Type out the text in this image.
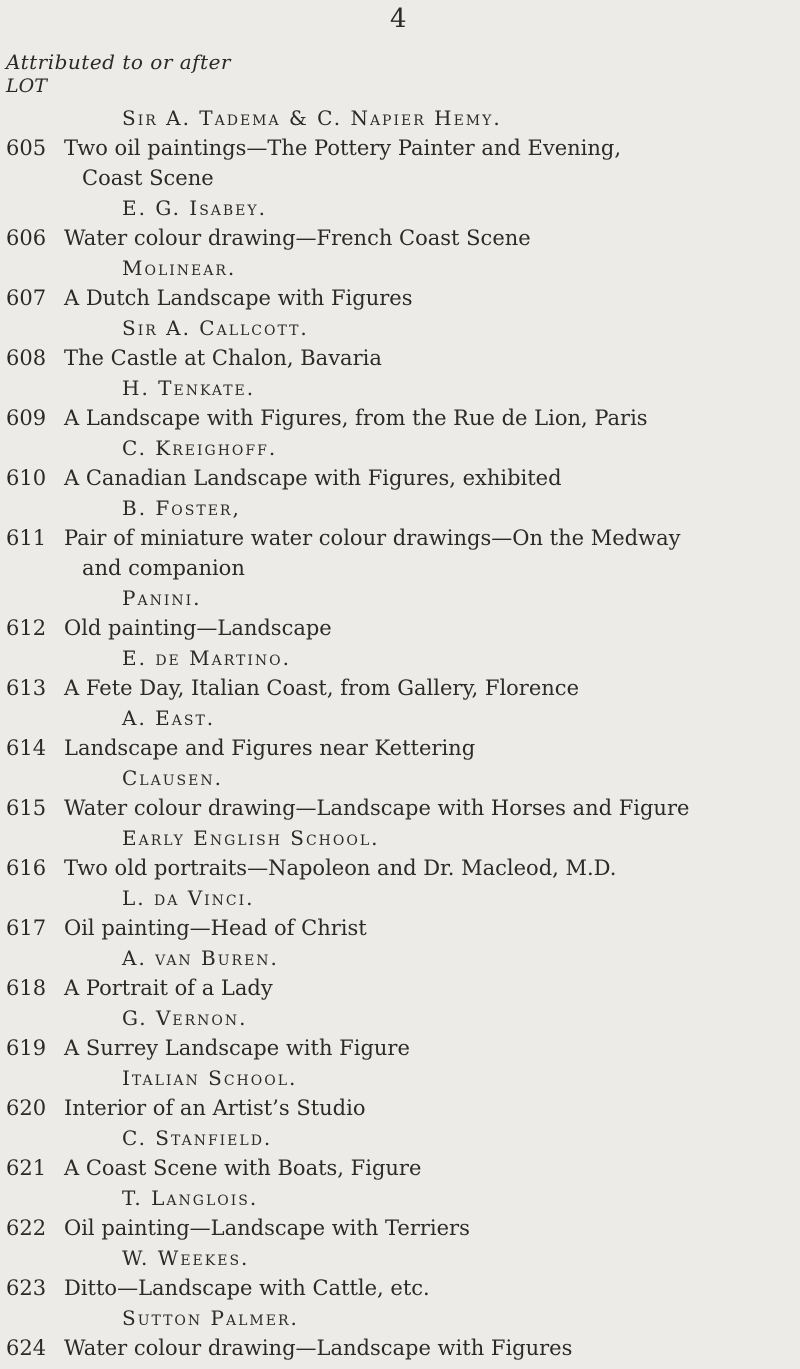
4
Attributed to or after
LOT
Sir A. Tadema & C. Napier Hemy.
605 Two oil paintings—The Pottery Painter and Evening,
Coast Scene
E. G. Isabey.
606 Water colour drawing—French Coast Scene
Molinear.
607 A Dutch Landscape with Figures
Sir A. Callcott.
608 The Castle at Chalon, Bavaria
H. Tenkate.
609 A Landscape with Figures, from the Rue de Lion, Paris
C. Kreighoff.
610 A Canadian Landscape with Figures, exhibited
B. Foster,
611 Pair of miniature water colour drawings—On the Medway
and companion
Panini.
612 Old painting—Landscape
E. de Martino.
613 A Fete Day, Italian Coast, from Gallery, Florence
A. East.
614 Landscape and Figures near Kettering
Clausen.
615 Water colour drawing—Landscape with Horses and Figure
Early English School.
616 Two old portraits—Napoleon and Dr. Macleod, M.D.
L. da Vinci.
617 Oil painting—Head of Christ
A. van Buren.
618 A Portrait of a Lady
G. Vernon.
619 A Surrey Landscape with Figure
Italian School.
620 Interior of an Artist’s Studio
C. Stanfield.
621 A Coast Scene with Boats, Figure
T. Langlois.
622 Oil painting—Landscape with Terriers
W. Weekes.
623 Ditto—Landscape with Cattle, etc.
Sutton Palmer.
624 Water colour drawing—Landscape with Figures
